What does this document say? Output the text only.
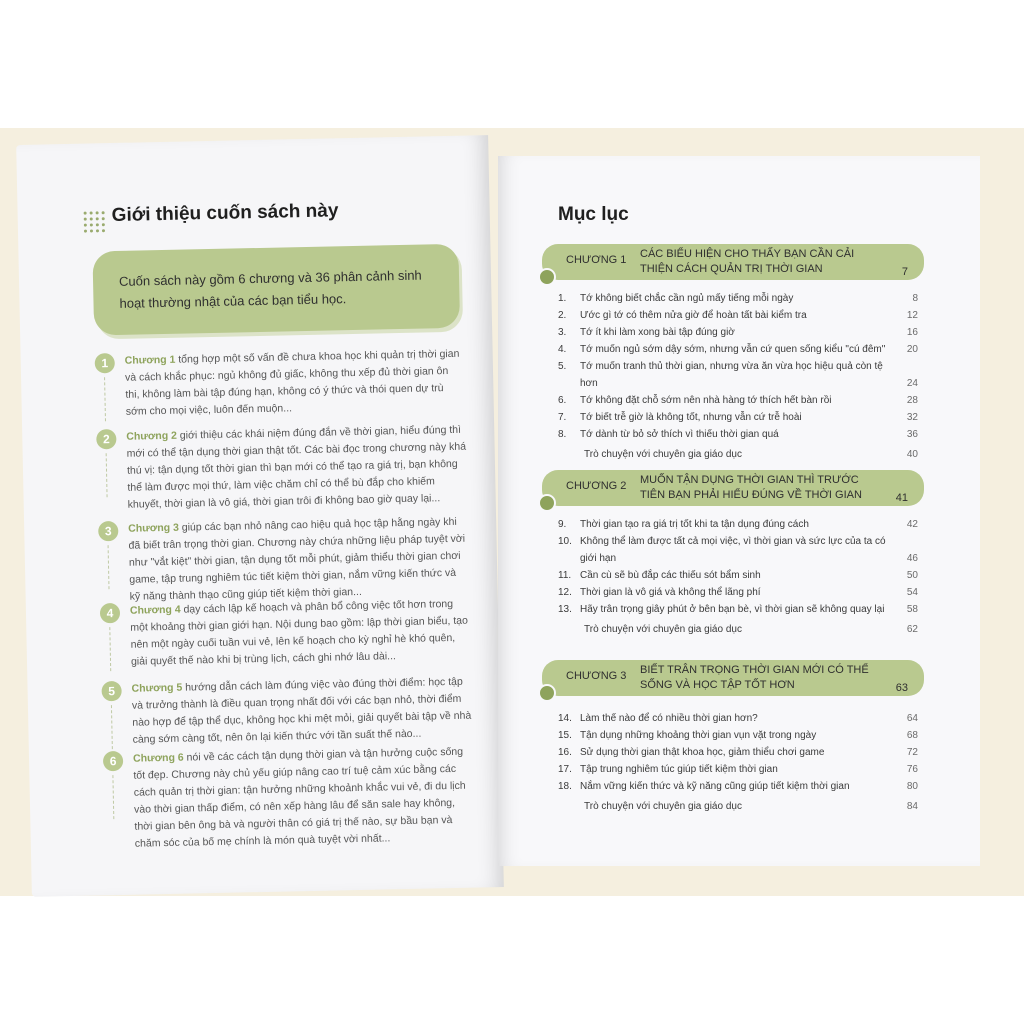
Giới thiệu cuốn sách này
Cuốn sách này gồm 6 chương và 36 phân cảnh sinh hoạt thường nhật của các bạn tiểu học.
1	Chương 1 tổng hợp một số vấn đề chưa khoa học khi quản trị thời gian và cách khắc phục: ngủ không đủ giấc, không thu xếp đủ thời gian ôn thi, không làm bài tập đúng hạn, không có ý thức và thói quen dự trù sớm cho mọi việc, luôn đến muộn...
2	Chương 2 giới thiệu các khái niệm đúng đắn về thời gian, hiểu đúng thì mới có thể tận dụng thời gian thật tốt. Các bài đọc trong chương này khá thú vị: tận dụng tốt thời gian thì bạn mới có thể tạo ra giá trị, bạn không thể làm được mọi thứ, làm việc chăm chỉ có thể bù đắp cho khiếm khuyết, thời gian là vô giá, thời gian trôi đi không bao giờ quay lại...
3	Chương 3 giúp các bạn nhỏ nâng cao hiệu quả học tập hằng ngày khi đã biết trân trọng thời gian. Chương này chứa những liệu pháp tuyệt vời như "vắt kiệt" thời gian, tận dụng tốt mỗi phút, giảm thiểu thời gian chơi game, tập trung nghiêm túc tiết kiệm thời gian, nắm vững kiến thức và kỹ năng thành thạo cũng giúp tiết kiệm thời gian...
4	Chương 4 dạy cách lập kế hoạch và phân bổ công việc tốt hơn trong một khoảng thời gian giới hạn. Nội dung bao gồm: lập thời gian biểu, tạo nên một ngày cuối tuần vui vẻ, lên kế hoạch cho kỳ nghỉ hè khó quên, giải quyết thế nào khi bị trùng lịch, cách ghi nhớ lâu dài...
5	Chương 5 hướng dẫn cách làm đúng việc vào đúng thời điểm: học tập và trưởng thành là điều quan trọng nhất đối với các bạn nhỏ, thời điểm nào hợp để tập thể dục, không học khi mệt mỏi, giải quyết bài tập về nhà càng sớm càng tốt, nên ôn lại kiến thức với tần suất thế nào...
6	Chương 6 nói về các cách tận dụng thời gian và tận hưởng cuộc sống tốt đẹp. Chương này chủ yếu giúp nâng cao trí tuệ cảm xúc bằng các cách quản trị thời gian: tận hưởng những khoảnh khắc vui vẻ, đi du lịch vào thời gian thấp điểm, có nên xếp hàng lâu để săn sale hay không, thời gian bên ông bà và người thân có giá trị thế nào, sự bầu bạn và chăm sóc của bố mẹ chính là món quà tuyệt vời nhất...
Mục lục
CHƯƠNG 1 CÁC BIỂU HIỆN CHO THẤY BẠN CẦN CẢI THIỆN CÁCH QUẢN TRỊ THỜI GIAN	7
1. Tớ không biết chắc cần ngủ mấy tiếng mỗi ngày	8
2. Ước gì tớ có thêm nửa giờ để hoàn tất bài kiểm tra	12
3. Tớ ít khi làm xong bài tập đúng giờ	16
4. Tớ muốn ngủ sớm dậy sớm, nhưng vẫn cứ quen sống kiểu "cú đêm" 20
5. Tớ muốn tranh thủ thời gian, nhưng vừa ăn vừa học hiệu quả còn tệ hơn	24
6. Tớ không đặt chỗ sớm nên nhà hàng tớ thích hết bàn rồi	28
7. Tớ biết trễ giờ là không tốt, nhưng vẫn cứ trễ hoài	32
8. Tớ dành từ bỏ sở thích vì thiếu thời gian quá	36
Trò chuyện với chuyên gia giáo dục	40
CHƯƠNG 2 MUỐN TẬN DỤNG THỜI GIAN THÌ TRƯỚC TIÊN BẠN PHẢI HIỂU ĐÚNG VỀ THỜI GIAN	41
9. Thời gian tạo ra giá trị tốt khi ta tận dụng đúng cách	42
10. Không thể làm được tất cả mọi việc, vì thời gian và sức lực của ta có giới hạn	46
11. Cần cù sẽ bù đắp các thiếu sót bẩm sinh	50
12. Thời gian là vô giá và không thể lãng phí	54
13. Hãy trân trọng giây phút ở bên bạn bè, vì thời gian sẽ không quay lại 58
Trò chuyện với chuyên gia giáo dục	62
CHƯƠNG 3 BIẾT TRÂN TRỌNG THỜI GIAN MỚI CÓ THỂ SỐNG VÀ HỌC TẬP TỐT HƠN	63
14. Làm thế nào để có nhiều thời gian hơn?	64
15. Tận dụng những khoảng thời gian vụn vặt trong ngày	68
16. Sử dụng thời gian thật khoa học, giảm thiểu chơi game	72
17. Tập trung nghiêm túc giúp tiết kiệm thời gian	76
18. Nắm vững kiến thức và kỹ năng cũng giúp tiết kiệm thời gian	80
Trò chuyện với chuyên gia giáo dục	84
